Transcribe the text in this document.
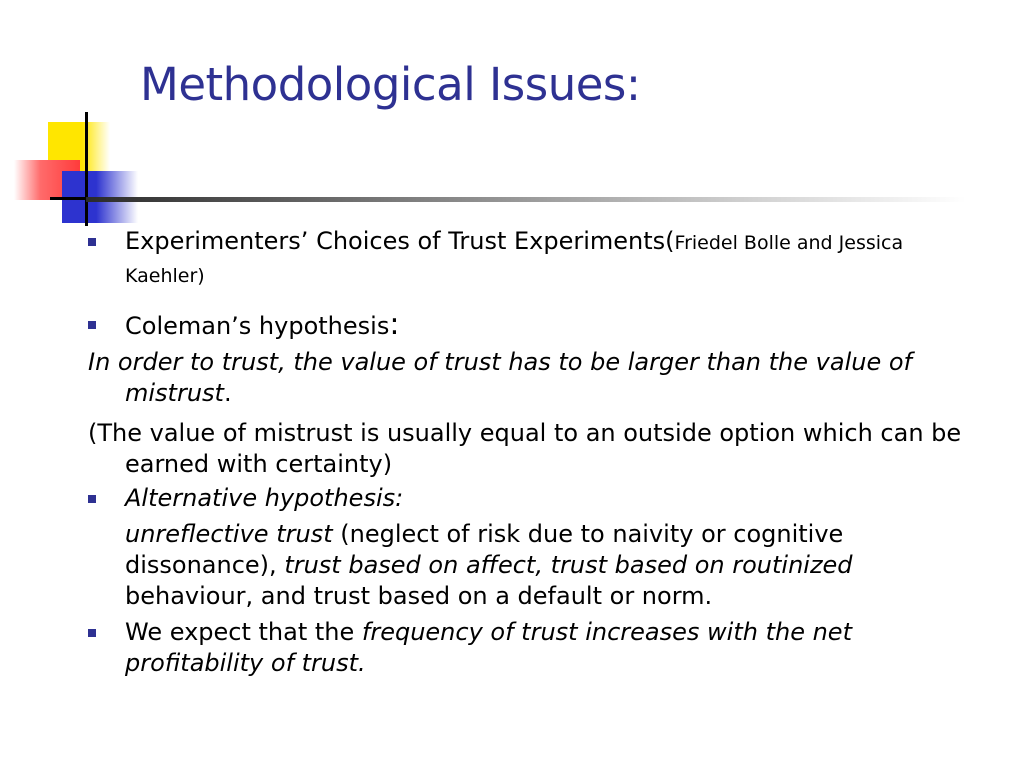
Methodological Issues:

Experimenters’ Choices of Trust Experiments(Friedel Bolle and Jessica Kaehler)

Coleman’s hypothesis:

In order to trust, the value of trust has to be larger than the value of mistrust.

(The value of mistrust is usually equal to an outside option which can be earned with certainty)

Alternative hypothesis:

unreflective trust (neglect of risk due to naivity or cognitive dissonance), trust based on affect, trust based on routinized behaviour, and trust based on a default or norm.

We expect that the frequency of trust increases with the net profitability of trust.
